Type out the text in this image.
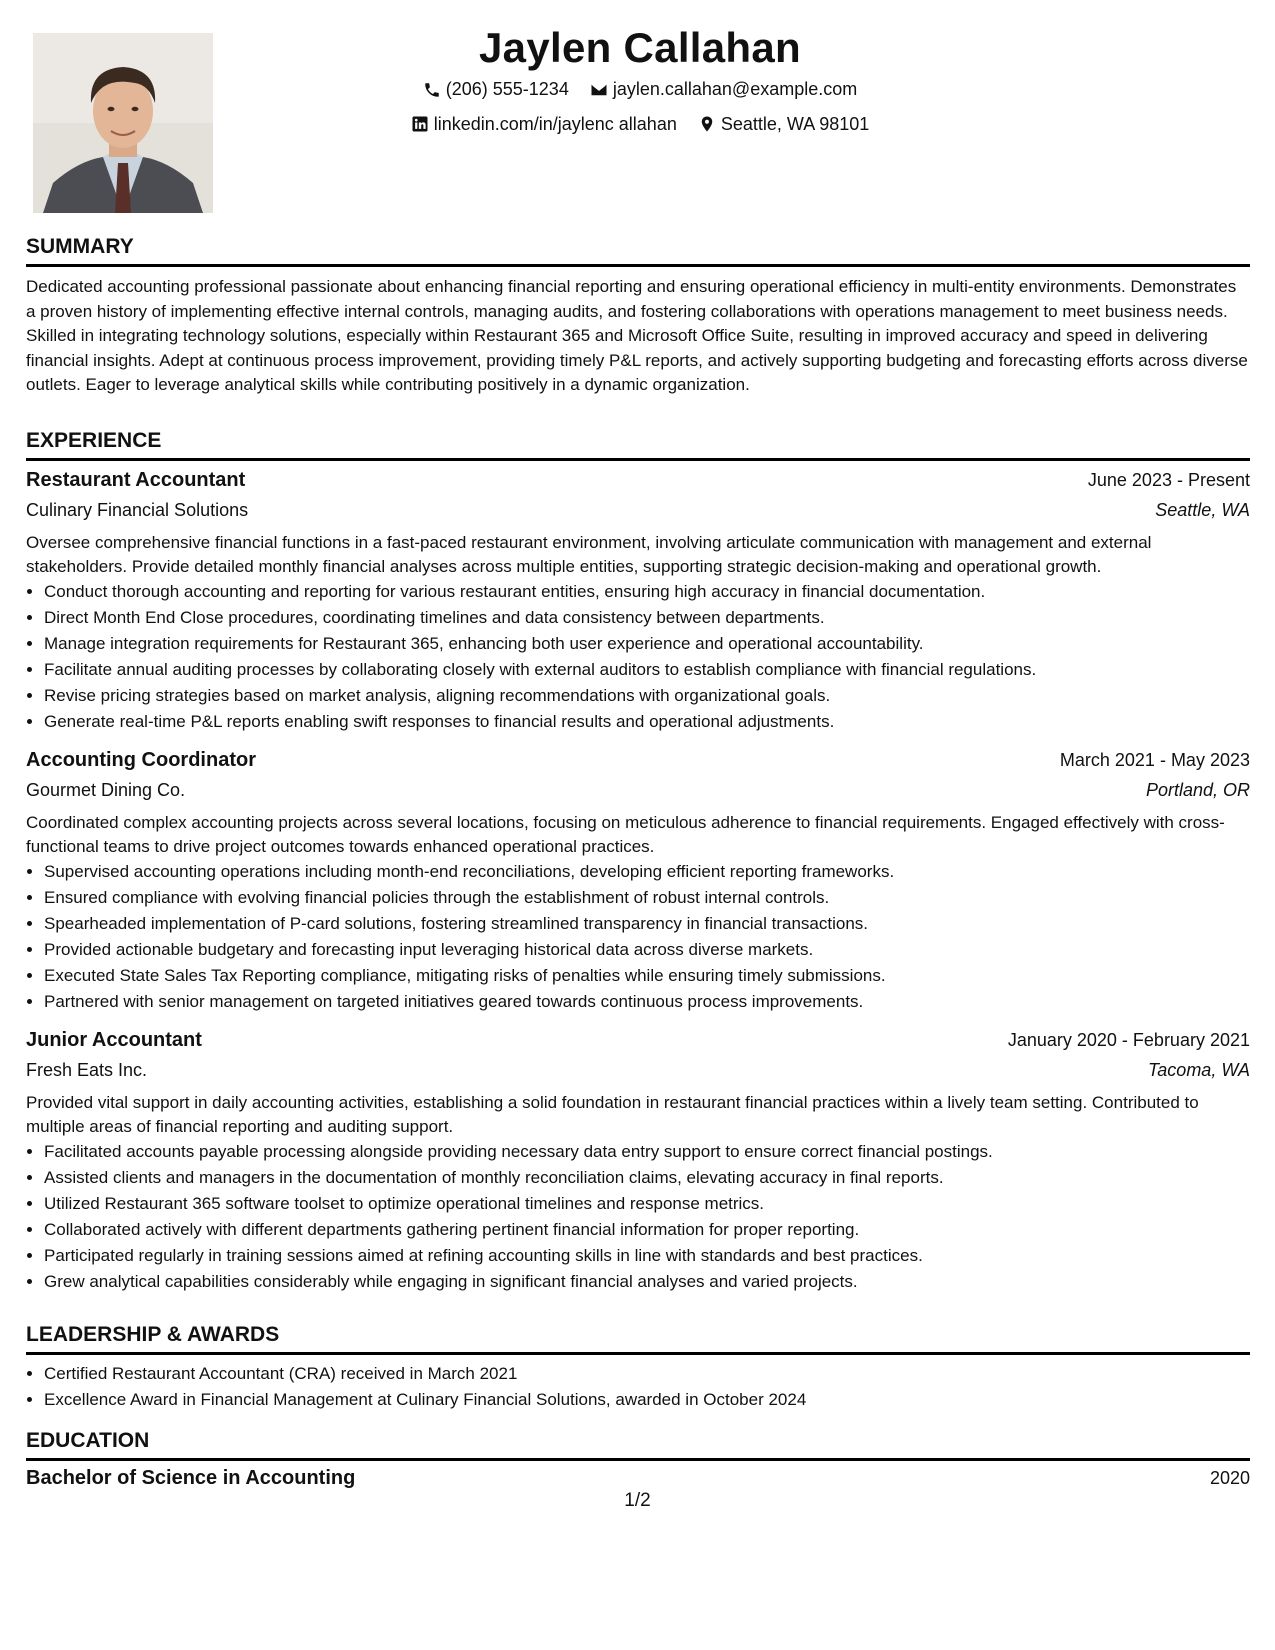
Jaylen Callahan
(206) 555-1234
jaylen.callahan@example.com
linkedin.com/in/jaylenc allahan
Seattle, WA 98101
SUMMARY

Dedicated accounting professional passionate about enhancing financial reporting and ensuring operational efficiency in multi-entity environments. Demonstrates a proven history of implementing effective internal controls, managing audits, and fostering collaborations with operations management to meet business needs. Skilled in integrating technology solutions, especially within Restaurant 365 and Microsoft Office Suite, resulting in improved accuracy and speed in delivering financial insights. Adept at continuous process improvement, providing timely P&L reports, and actively supporting budgeting and forecasting efforts across diverse outlets. Eager to leverage analytical skills while contributing positively in a dynamic organization.

EXPERIENCE
Restaurant Accountant	June 2023 - Present
Culinary Financial Solutions	Seattle, WA

Oversee comprehensive financial functions in a fast-paced restaurant environment, involving articulate communication with management and external stakeholders. Provide detailed monthly financial analyses across multiple entities, supporting strategic decision-making and operational growth.

• Conduct thorough accounting and reporting for various restaurant entities, ensuring high accuracy in financial documentation.
• Direct Month End Close procedures, coordinating timelines and data consistency between departments.
• Manage integration requirements for Restaurant 365, enhancing both user experience and operational accountability.
• Facilitate annual auditing processes by collaborating closely with external auditors to establish compliance with financial regulations.
• Revise pricing strategies based on market analysis, aligning recommendations with organizational goals.
• Generate real-time P&L reports enabling swift responses to financial results and operational adjustments.
Accounting Coordinator	March 2021 - May 2023
Gourmet Dining Co.	Portland, OR

Coordinated complex accounting projects across several locations, focusing on meticulous adherence to financial requirements. Engaged effectively with cross-functional teams to drive project outcomes towards enhanced operational practices.

• Supervised accounting operations including month-end reconciliations, developing efficient reporting frameworks.
• Ensured compliance with evolving financial policies through the establishment of robust internal controls.
• Spearheaded implementation of P-card solutions, fostering streamlined transparency in financial transactions.
• Provided actionable budgetary and forecasting input leveraging historical data across diverse markets.
• Executed State Sales Tax Reporting compliance, mitigating risks of penalties while ensuring timely submissions.
• Partnered with senior management on targeted initiatives geared towards continuous process improvements.
Junior Accountant	January 2020 - February 2021
Fresh Eats Inc.	Tacoma, WA

Provided vital support in daily accounting activities, establishing a solid foundation in restaurant financial practices within a lively team setting. Contributed to multiple areas of financial reporting and auditing support.

• Facilitated accounts payable processing alongside providing necessary data entry support to ensure correct financial postings.
• Assisted clients and managers in the documentation of monthly reconciliation claims, elevating accuracy in final reports.
• Utilized Restaurant 365 software toolset to optimize operational timelines and response metrics.
• Collaborated actively with different departments gathering pertinent financial information for proper reporting.
• Participated regularly in training sessions aimed at refining accounting skills in line with standards and best practices.
• Grew analytical capabilities considerably while engaging in significant financial analyses and varied projects.
LEADERSHIP & AWARDS
• Certified Restaurant Accountant (CRA) received in March 2021
• Excellence Award in Financial Management at Culinary Financial Solutions, awarded in October 2024
EDUCATION
Bachelor of Science in Accounting	2020
1/2
